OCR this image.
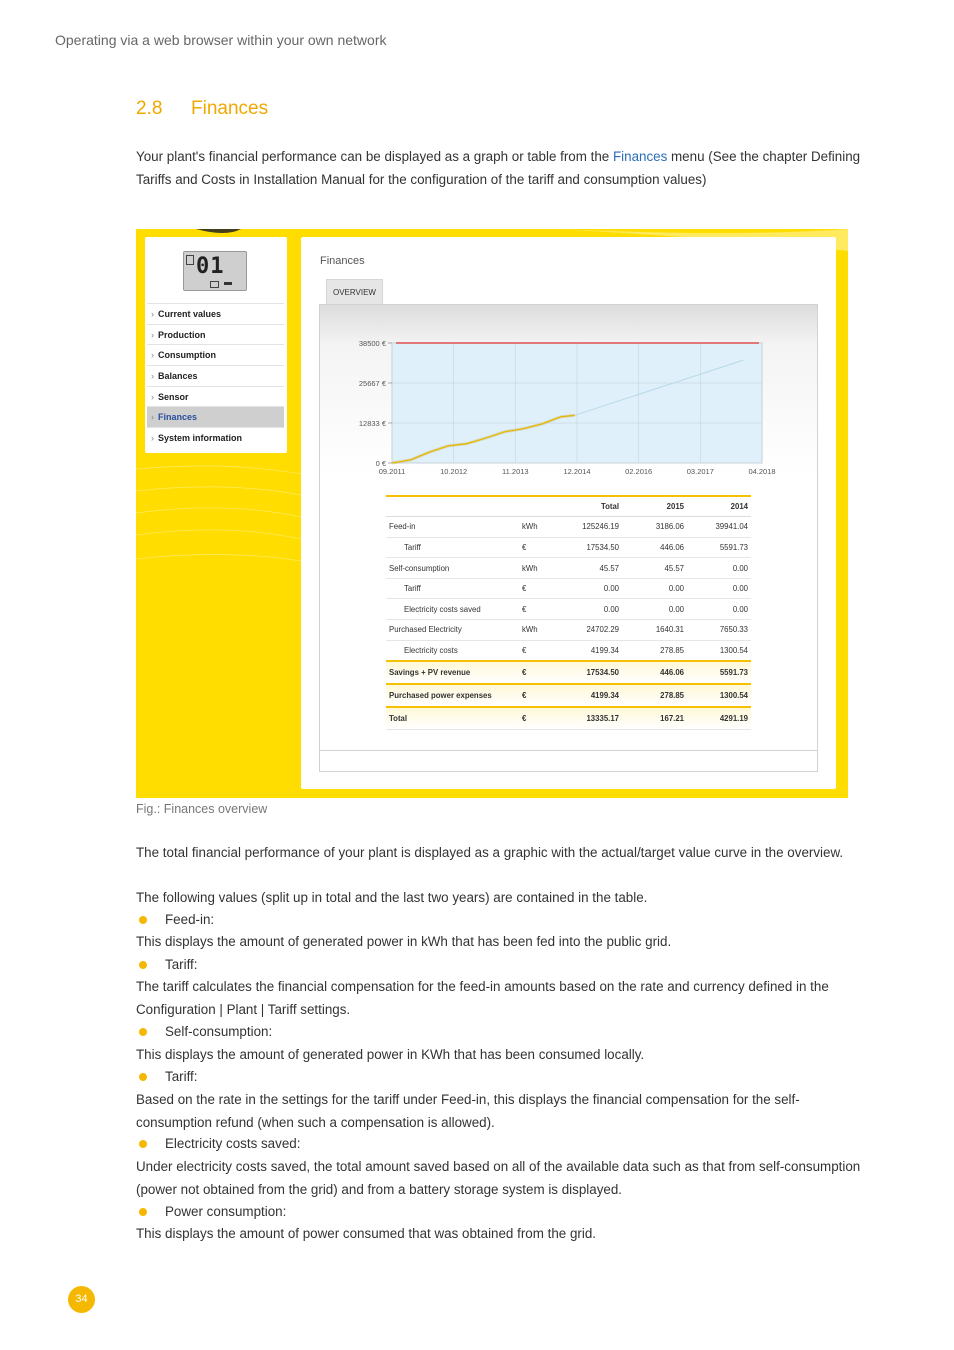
Operating via a web browser within your own network
2.8 Finances
Your plant's financial performance can be displayed as a graph or table from the Finances menu (See the chapter Defining Tariffs and Costs in Installation Manual for the configuration of the tariff and consumption values)
01
› Current values
› Production
› Consumption
› Balances
› Sensor
› Finances
› System information
Finances
OVERVIEW
09.2011	10.2012	11.2013	12.2014	02.2016	03.2017	04.2018
0 €
12833 €
25667 €
38500 €
		Total	2015	2014
Feed-in	kWh	125246.19	3186.06	39941.04
Tariff	€	17534.50	446.06	5591.73
Self-consumption	kWh	45.57	45.57	0.00
Tariff	€	0.00	0.00	0.00
Electricity costs saved	€	0.00	0.00	0.00
Purchased Electricity	kWh	24702.29	1640.31	7650.33
Electricity costs	€	4199.34	278.85	1300.54
Savings + PV revenue	€	17534.50	446.06	5591.73
Purchased power expenses	€	4199.34	278.85	1300.54
Total	€	13335.17	167.21	4291.19
Fig.: Finances overview
The total financial performance of your plant is displayed as a graphic with the actual/target value curve in the overview.
The following values (split up in total and the last two years) are contained in the table.
Feed-in:
This displays the amount of generated power in kWh that has been fed into the public grid.
Tariff:
The tariff calculates the financial compensation for the feed-in amounts based on the rate and currency defined in the Configuration | Plant | Tariff settings.
Self-consumption:
This displays the amount of generated power in KWh that has been consumed locally.
Tariff:
Based on the rate in the settings for the tariff under Feed-in, this displays the financial compensation for the self-consumption refund (when such a compensation is allowed).
Electricity costs saved:
Under electricity costs saved, the total amount saved based on all of the available data such as that from self-consumption (power not obtained from the grid) and from a battery storage system is displayed.
Power consumption:
This displays the amount of power consumed that was obtained from the grid.
34
